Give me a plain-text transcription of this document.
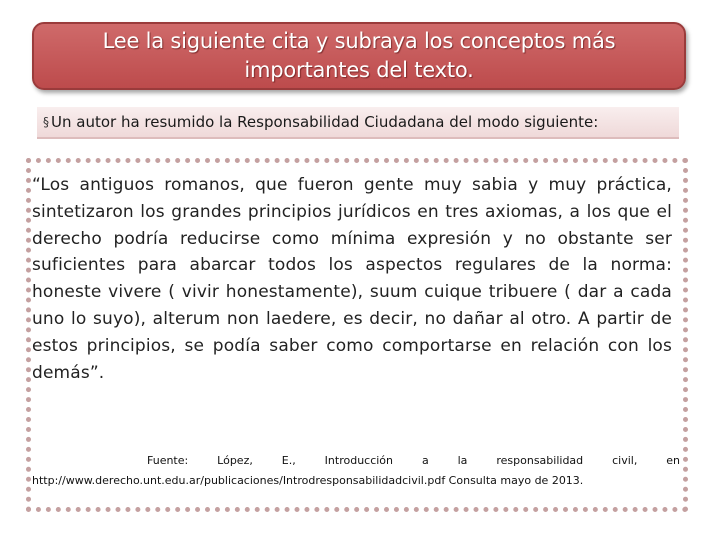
Lee la siguiente cita y subraya los conceptos más
importantes del texto.
§ Un autor ha resumido la Responsabilidad Ciudadana del modo siguiente:

“Los antiguos romanos, que fueron gente muy sabia y muy práctica, sintetizaron los grandes principios jurídicos en tres axiomas, a los que el derecho podría reducirse como mínima expresión y no obstante ser suficientes para abarcar todos los aspectos regulares de la norma: honeste vivere ( vivir honestamente), suum cuique tribuere ( dar a cada uno lo suyo), alterum non laedere, es decir, no dañar al otro. A partir de estos principios, se podía saber como comportarse en relación con los demás”.

Fuente: López, E., Introducción a la responsabilidad civil, en http://www.derecho.unt.edu.ar/publicaciones/Introdresponsabilidadcivil.pdf Consulta mayo de 2013.
